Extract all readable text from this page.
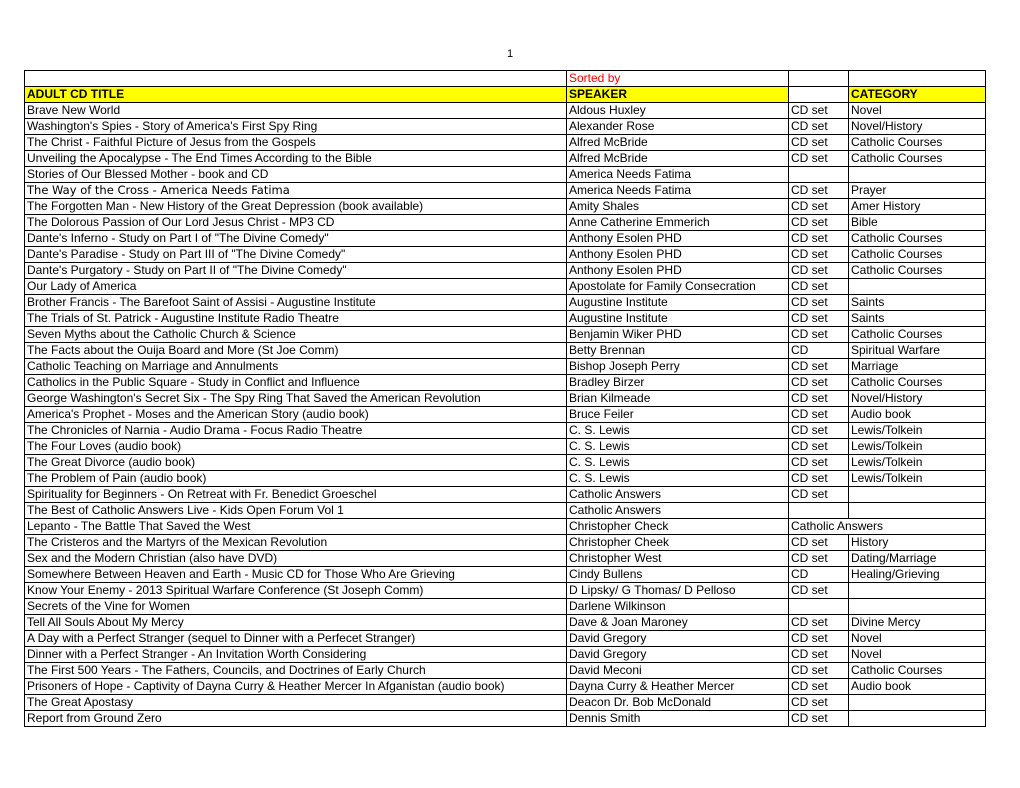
1
	Sorted by		
ADULT CD TITLE	SPEAKER		CATEGORY
Brave New World	Aldous Huxley	CD set	Novel
Washington's Spies - Story of America's First Spy Ring	Alexander Rose	CD set	Novel/History
The Christ - Faithful Picture of Jesus from the Gospels	Alfred McBride	CD set	Catholic Courses
Unveiling the Apocalypse - The End Times According to the Bible	Alfred McBride	CD set	Catholic Courses
Stories of Our Blessed Mother - book and CD	America Needs Fatima		
The Way of the Cross - America Needs Fatima	America Needs Fatima	CD set	Prayer
The Forgotten Man - New History of the Great Depression (book available)	Amity Shales	CD set	Amer History
The Dolorous Passion of Our Lord Jesus Christ - MP3 CD	Anne Catherine Emmerich	CD set	Bible
Dante's Inferno - Study on Part I of "The Divine Comedy"	Anthony Esolen PHD	CD set	Catholic Courses
Dante's Paradise - Study on Part III of "The Divine Comedy"	Anthony Esolen PHD	CD set	Catholic Courses
Dante's Purgatory - Study on Part II of "The Divine Comedy"	Anthony Esolen PHD	CD set	Catholic Courses
Our Lady of America	Apostolate for Family Consecration	CD set	
Brother Francis - The Barefoot Saint of Assisi - Augustine Institute	Augustine Institute	CD set	Saints
The Trials of St. Patrick - Augustine Institute Radio Theatre	Augustine Institute	CD set	Saints
Seven Myths about the Catholic Church & Science	Benjamin Wiker PHD	CD set	Catholic Courses
The Facts about the Ouija Board and More (St Joe Comm)	Betty Brennan	CD	Spiritual Warfare
Catholic Teaching on Marriage and Annulments	Bishop Joseph Perry	CD set	Marriage
Catholics in the Public Square - Study in Conflict and Influence	Bradley Birzer	CD set	Catholic Courses
George Washington's Secret Six - The Spy Ring That Saved the American Revolution	Brian Kilmeade	CD set	Novel/History
America's Prophet - Moses and the American Story (audio book)	Bruce Feiler	CD set	Audio book
The Chronicles of Narnia - Audio Drama - Focus Radio Theatre	C. S. Lewis	CD set	Lewis/Tolkein
The Four Loves (audio book)	C. S. Lewis	CD set	Lewis/Tolkein
The Great Divorce (audio book)	C. S. Lewis	CD set	Lewis/Tolkein
The Problem of Pain (audio book)	C. S. Lewis	CD set	Lewis/Tolkein
Spirituality for Beginners - On Retreat with Fr. Benedict Groeschel	Catholic Answers	CD set	
The Best of Catholic Answers Live - Kids Open Forum Vol 1	Catholic Answers		
Lepanto - The Battle That Saved the West	Christopher Check	Catholic Answers	
The Cristeros and the Martyrs of the Mexican Revolution	Christopher Cheek	CD set	History
Sex and the Modern Christian (also have DVD)	Christopher West	CD set	Dating/Marriage
Somewhere Between Heaven and Earth - Music CD for Those Who Are Grieving	Cindy Bullens	CD	Healing/Grieving
Know Your Enemy - 2013 Spiritual Warfare Conference (St Joseph Comm)	D Lipsky/ G Thomas/ D Pelloso	CD set	
Secrets of the Vine for Women	Darlene Wilkinson		
Tell All Souls About My Mercy	Dave & Joan Maroney	CD set	Divine Mercy
A Day with a Perfect Stranger (sequel to Dinner with a Perfecet Stranger)	David Gregory	CD set	Novel
Dinner with a Perfect Stranger - An Invitation Worth Considering	David Gregory	CD set	Novel
The First 500 Years - The Fathers, Councils, and Doctrines of Early Church	David Meconi	CD set	Catholic Courses
Prisoners of Hope - Captivity of Dayna Curry & Heather Mercer In Afganistan (audio book)	Dayna Curry & Heather Mercer	CD set	Audio book
The Great Apostasy	Deacon Dr. Bob McDonald	CD set	
Report from Ground Zero	Dennis Smith	CD set	
